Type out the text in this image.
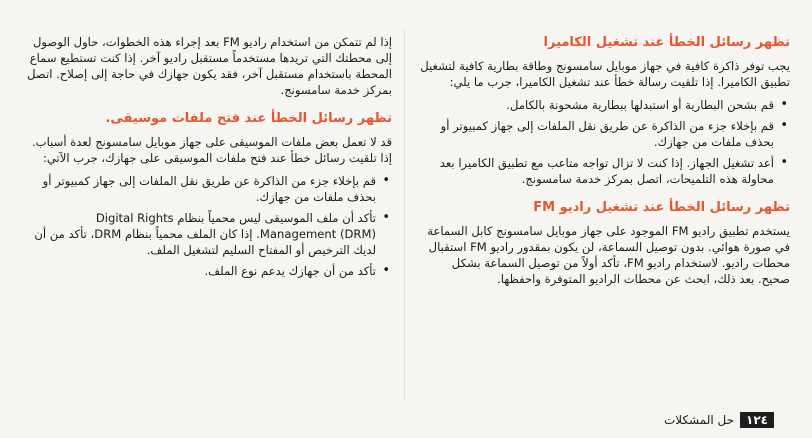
تظهر رسائل الخطأ عند تشغيل الكاميرا

يجب توفر ذاكرة كافية في جهاز موبايل سامسونج وطاقة بطارية كافية لتشغيل تطبيق الكاميرا. إذا تلقيت رسالة خطأ عند تشغيل الكاميرا، جرب ما يلي:

• قم بشحن البطارية أو استبدلها ببطارية مشحونة بالكامل.
• قم بإخلاء جزء من الذاكرة عن طريق نقل الملفات إلى جهاز كمبيوتر أو بحذف ملفات من جهازك.
• أعد تشغيل الجهاز. إذا كنت لا تزال تواجه متاعب مع تطبيق الكاميرا بعد محاولة هذه التلميحات، اتصل بمركز خدمة سامسونج.
تظهر رسائل الخطأ عند تشغيل راديو FM

يستخدم تطبيق راديو FM الموجود على جهاز موبايل سامسونج كابل السماعة في صورة هوائي. بدون توصيل السماعة، لن يكون بمقدور راديو FM استقبال محطات راديو. لاستخدام راديو FM، تأكد أولاً من توصيل السماعة بشكل صحيح. بعد ذلك، ابحث عن محطات الراديو المتوفرة واحفظها.

إذا لم تتمكن من استخدام راديو FM بعد إجراء هذه الخطوات، حاول الوصول إلى محطتك التي تريدها مستخدماً مستقبل راديو آخر. إذا كنت تستطيع سماع المحطة باستخدام مستقبل آخر، فقد يكون جهازك في حاجة إلى إصلاح. اتصل بمركز خدمة سامسونج.

تظهر رسائل الخطأ عند فتح ملفات موسيقى.

قد لا تعمل بعض ملفات الموسيقى على جهاز موبايل سامسونج لعدة أسباب. إذا تلقيت رسائل خطأ عند فتح ملفات الموسيقى على جهازك، جرب الآتي:

• قم بإخلاء جزء من الذاكرة عن طريق نقل الملفات إلى جهاز كمبيوتر أو بحذف ملفات من جهازك.
• تأكد أن ملف الموسيقى ليس محمياً بنظام Digital Rights Management (DRM). إذا كان الملف محمياً بنظام DRM، تأكد من أن لديك الترخيص أو المفتاح السليم لتشغيل الملف.
• تأكد من أن جهازك يدعم نوع الملف.
١٢٤
حل المشكلات
